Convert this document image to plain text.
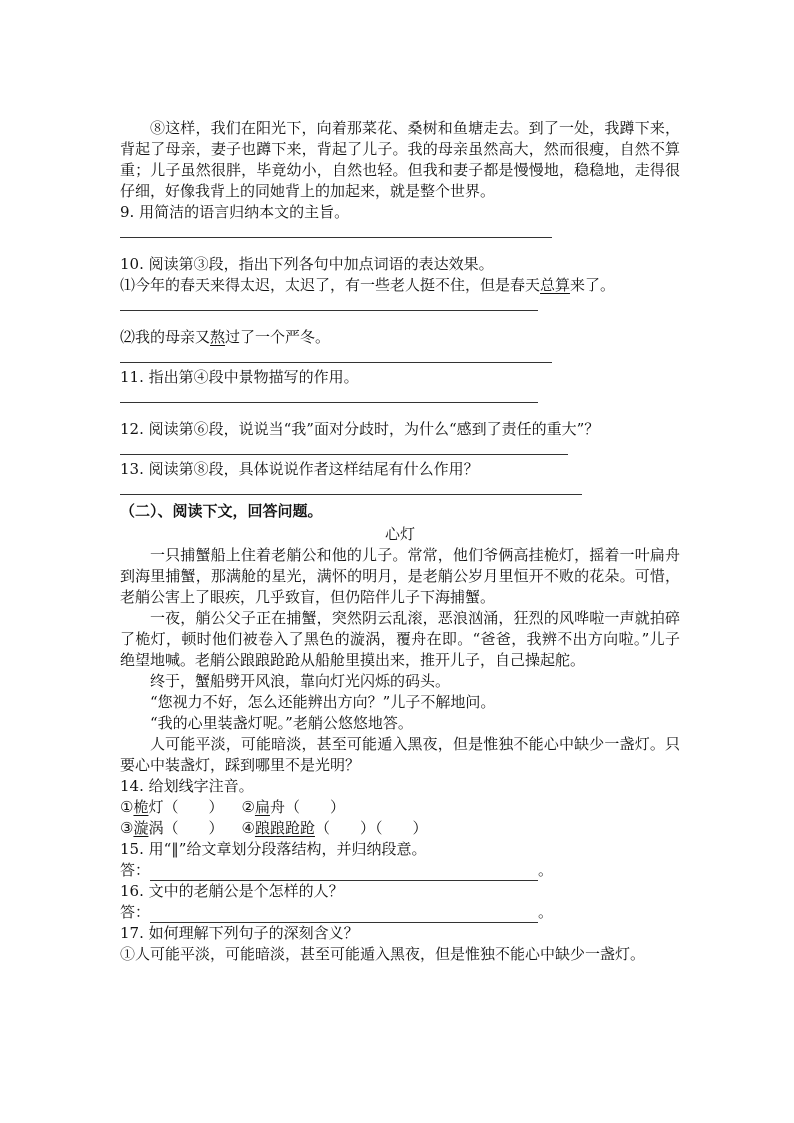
⑧这样，我们在阳光下，向着那菜花、桑树和鱼塘走去。到了一处，我蹲下来，背起了母亲，妻子也蹲下来，背起了儿子。我的母亲虽然高大，然而很瘦，自然不算重；儿子虽然很胖，毕竟幼小，自然也轻。但我和妻子都是慢慢地，稳稳地，走得很仔细，好像我背上的同她背上的加起来，就是整个世界。

9. 用简洁的语言归纳本文的主旨。

10. 阅读第③段，指出下列各句中加点词语的表达效果。

⑴今年的春天来得太迟，太迟了，有一些老人挺不住，但是春天总算来了。

⑵我的母亲又熬过了一个严冬。

11. 指出第④段中景物描写的作用。

12. 阅读第⑥段，说说当“我”面对分歧时，为什么“感到了责任的重大”？

13. 阅读第⑧段，具体说说作者这样结尾有什么作用？

（二）、阅读下文，回答问题。

心灯

一只捕蟹船上住着老艄公和他的儿子。常常，他们爷俩高挂桅灯，摇着一叶扁舟到海里捕蟹，那满舱的星光，满怀的明月，是老艄公岁月里恒开不败的花朵。可惜，老艄公害上了眼疾，几乎致盲，但仍陪伴儿子下海捕蟹。

一夜，艄公父子正在捕蟹，突然阴云乱滚，恶浪汹涌，狂烈的风哗啦一声就拍碎了桅灯，顿时他们被卷入了黑色的漩涡，覆舟在即。“爸爸，我辨不出方向啦。”儿子绝望地喊。老艄公踉踉跄跄从船舱里摸出来，推开儿子，自己操起舵。

终于，蟹船劈开风浪，靠向灯光闪烁的码头。

“您视力不好，怎么还能辨出方向？”儿子不解地问。

“我的心里装盏灯呢。”老艄公悠悠地答。

人可能平淡，可能暗淡，甚至可能遁入黑夜，但是惟独不能心中缺少一盏灯。只要心中装盏灯，踩到哪里不是光明？

14. 给划线字注音。

① 桅 灯（　　） ② 扁 舟（　　）
③ 漩 涡（　　） ④ 踉踉跄跄 （　　）（　　）

15. 用“‖”给文章划分段落结构，并归纳段意。

答：	。

16. 文中的老艄公是个怎样的人？

答：	。

17. 如何理解下列句子的深刻含义？

①人可能平淡，可能暗淡，甚至可能遁入黑夜，但是惟独不能心中缺少一盏灯。
